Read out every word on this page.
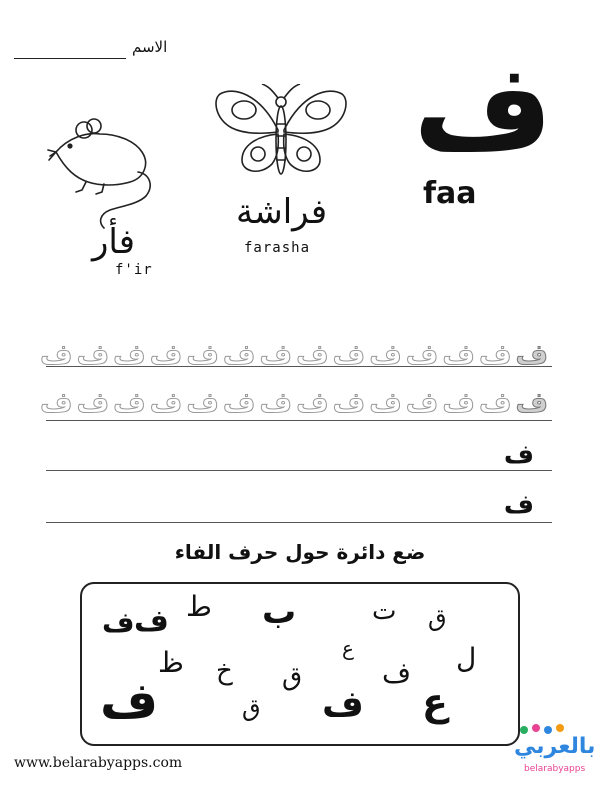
الاسم ف
faa
فأر
f'ir
فراشة
farasha
ف ف ف ف ف ف ف ف ف ف ف ف ف ف
ف ف ف ف ف ف ف ف ف ف ف ف ف ف
ف
ف
ضع دائرة حول حرف الفاء
ف
ف ط ب	ت ق
ع
ظ خ ق	ف ل
ف	ق ف ع
www.belarabyapps.com
بالعربي
belarabyapps
